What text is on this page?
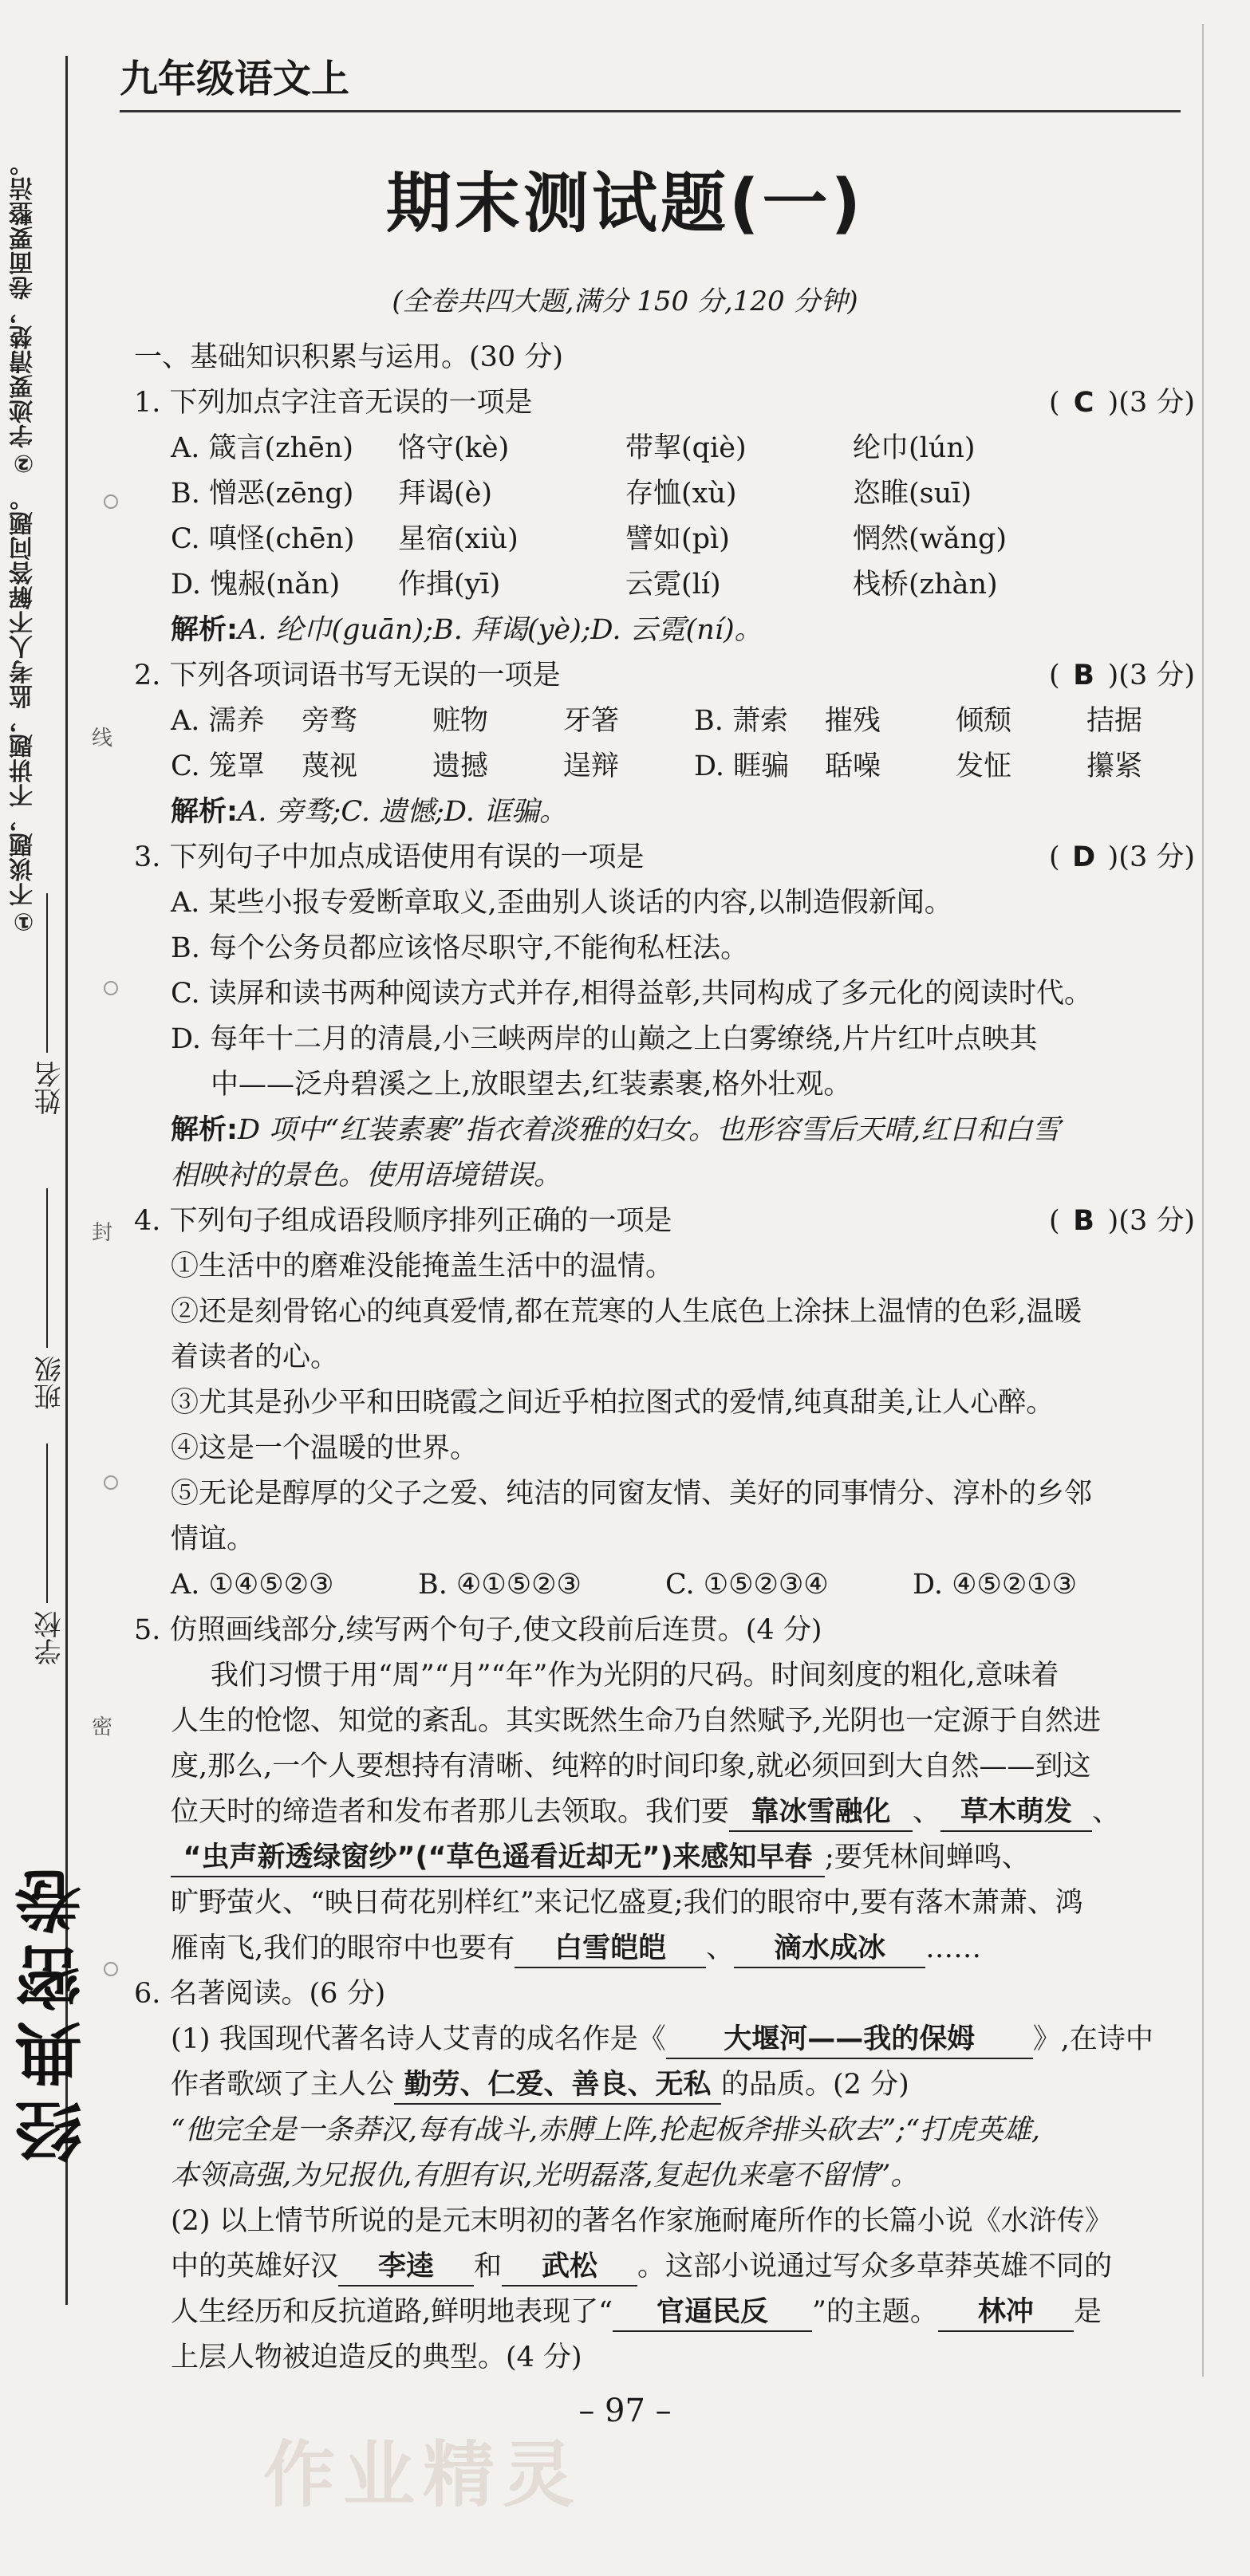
①不谈题，不讲题，监考人不解答问题。 ②字迹要清楚，卷面要整洁。
姓名
班级
学校
经典密卷
线
封
密
九年级语文上
期末测试题(一)
(全卷共四大题,满分 150 分,120 分钟)
一、基础知识积累与运用。(30 分)
1. 下列加点字注音无误的一项是	( C )(3 分)
A. 箴言(zhēn) 恪守(kè)	带挈(qiè)	纶巾(lún)
B. 憎恶(zēng) 拜谒(è)	存恤(xù)	恣睢(suī)
C. 嗔怪(chēn) 星宿(xiù)	譬如(pì)	惘然(wǎng)
D. 愧赧(nǎn) 作揖(yī)	云霓(lí)	栈桥(zhàn)
解析:A. 纶巾(guān);B. 拜谒(yè);D. 云霓(ní)。
2. 下列各项词语书写无误的一项是	( B )(3 分)
A. 濡养 旁骛	赃物	牙箸	B. 萧索 摧残	倾颓	拮据
C. 笼罩 蔑视	遗撼	逞辩	D. 睚骗 聒噪	发怔	攥紧
解析:A. 旁骛;C. 遗憾;D. 诓骗。
3. 下列句子中加点成语使用有误的一项是	( D )(3 分)
A. 某些小报专爱断章取义,歪曲别人谈话的内容,以制造假新闻。
B. 每个公务员都应该恪尽职守,不能徇私枉法。
C. 读屏和读书两种阅读方式并存,相得益彰,共同构成了多元化的阅读时代。
D. 每年十二月的清晨,小三峡两岸的山巅之上白雾缭绕,片片红叶点映其
中——泛舟碧溪之上,放眼望去,红装素裹,格外壮观。
解析:D 项中“红装素裹”指衣着淡雅的妇女。也形容雪后天晴,红日和白雪
相映衬的景色。使用语境错误。
4. 下列句子组成语段顺序排列正确的一项是	( B )(3 分)
①生活中的磨难没能掩盖生活中的温情。
②还是刻骨铭心的纯真爱情,都在荒寒的人生底色上涂抹上温情的色彩,温暖
着读者的心。
③尤其是孙少平和田晓霞之间近乎柏拉图式的爱情,纯真甜美,让人心醉。
④这是一个温暖的世界。
⑤无论是醇厚的父子之爱、纯洁的同窗友情、美好的同事情分、淳朴的乡邻
情谊。
A. ①④⑤②③	B. ④①⑤②③	C. ①⑤②③④	D. ④⑤②①③
5. 仿照画线部分,续写两个句子,使文段前后连贯。(4 分)
我们习惯于用“周”“月”“年”作为光阴的尺码。时间刻度的粗化,意味着
人生的怆惚、知觉的紊乱。其实既然生命乃自然赋予,光阴也一定源于自然进
度,那么,一个人要想持有清晰、纯粹的时间印象,就必须回到大自然——到这
位天时的缔造者和发布者那儿去领取。我们要 靠冰雪融化 、 草木萌发 、
“虫声新透绿窗纱”(“草色遥看近却无”)来感知早春 ;要凭林间蝉鸣、
旷野萤火、“映日荷花别样红”来记忆盛夏;我们的眼帘中,要有落木萧萧、鸿
雁南飞,我们的眼帘中也要有 白雪皑皑 、 滴水成冰 ……
6. 名著阅读。(6 分)
(1) 我国现代著名诗人艾青的成名作是《 大堰河——我的保姆 》,在诗中
作者歌颂了主人公 勤劳、仁爱、善良、无私 的品质。(2 分)
“他完全是一条莽汉,每有战斗,赤膊上阵,抡起板斧排头砍去”;“打虎英雄,
本领高强,为兄报仇,有胆有识,光明磊落,复起仇来毫不留情”。
(2) 以上情节所说的是元末明初的著名作家施耐庵所作的长篇小说《水浒传》
中的英雄好汉 李逵 和 武松 。这部小说通过写众多草莽英雄不同的
人生经历和反抗道路,鲜明地表现了“ 官逼民反 ”的主题。 林冲 是
上层人物被迫造反的典型。(4 分)
– 97 –
作业精灵
